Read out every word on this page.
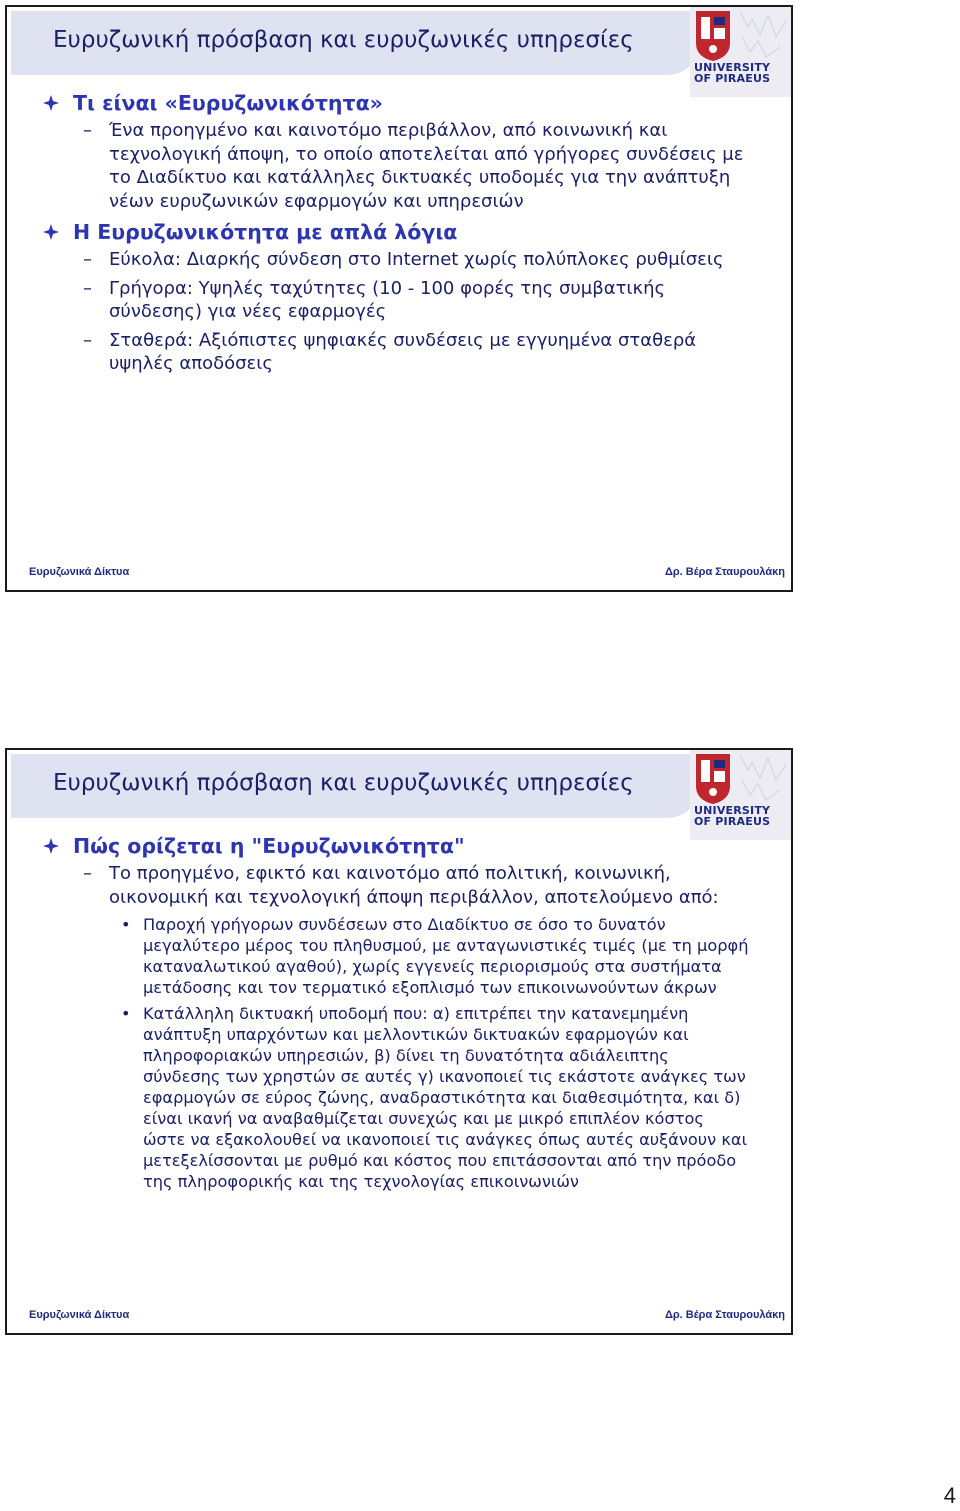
Ευρυζωνική πρόσβαση και ευρυζωνικές υπηρεσίες
UNIVERSITY
OF PIRAEUS
Τι είναι «Ευρυζωνικότητα»
– Ένα προηγμένο και καινοτόμο περιβάλλον, από κοινωνική και τεχνολογική άποψη, το οποίο αποτελείται από γρήγορες συνδέσεις με το Διαδίκτυο και κατάλληλες δικτυακές υποδομές για την ανάπτυξη νέων ευρυζωνικών εφαρμογών και υπηρεσιών
Η Ευρυζωνικότητα με απλά λόγια
– Εύκολα: Διαρκής σύνδεση στο Internet χωρίς πολύπλοκες ρυθμίσεις
– Γρήγορα: Υψηλές ταχύτητες (10 - 100 φορές της συμβατικής σύνδεσης) για νέες εφαρμογές
– Σταθερά: Αξιόπιστες ψηφιακές συνδέσεις με εγγυημένα σταθερά υψηλές αποδόσεις
Ευρυζωνικά Δίκτυα	Δρ. Βέρα Σταυρουλάκη
Ευρυζωνική πρόσβαση και ευρυζωνικές υπηρεσίες
UNIVERSITY
OF PIRAEUS
Πώς ορίζεται η "Ευρυζωνικότητα"
– Το προηγμένο, εφικτό και καινοτόμο από πολιτική, κοινωνική, οικονομική και τεχνολογική άποψη περιβάλλον, αποτελούμενο από:
• Παροχή γρήγορων συνδέσεων στο Διαδίκτυο σε όσο το δυνατόν μεγαλύτερο μέρος του πληθυσμού, με ανταγωνιστικές τιμές (με τη μορφή καταναλωτικού αγαθού), χωρίς εγγενείς περιορισμούς στα συστήματα μετάδοσης και τον τερματικό εξοπλισμό των επικοινωνούντων άκρων
• Κατάλληλη δικτυακή υποδομή που: α) επιτρέπει την κατανεμημένη ανάπτυξη υπαρχόντων και μελλοντικών δικτυακών εφαρμογών και πληροφοριακών υπηρεσιών, β) δίνει τη δυνατότητα αδιάλειπτης σύνδεσης των χρηστών σε αυτές γ) ικανοποιεί τις εκάστοτε ανάγκες των εφαρμογών σε εύρος ζώνης, αναδραστικότητα και διαθεσιμότητα, και δ) είναι ικανή να αναβαθμίζεται συνεχώς και με μικρό επιπλέον κόστος ώστε να εξακολουθεί να ικανοποιεί τις ανάγκες όπως αυτές αυξάνουν και μετεξελίσσονται με ρυθμό και κόστος που επιτάσσονται από την πρόοδο της πληροφορικής και της τεχνολογίας επικοινωνιών
Ευρυζωνικά Δίκτυα	Δρ. Βέρα Σταυρουλάκη
4
